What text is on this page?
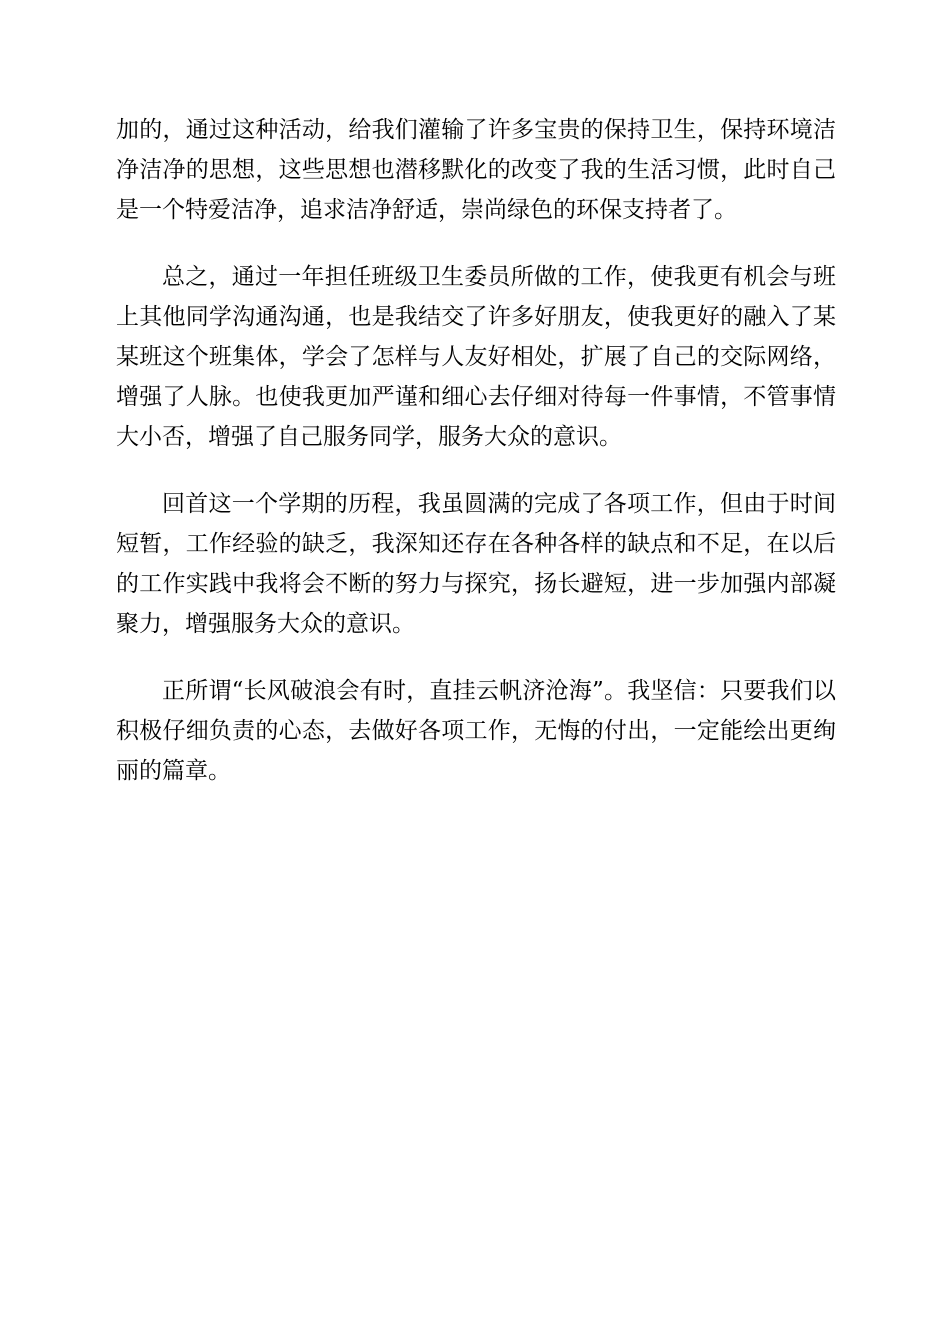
加的，通过这种活动，给我们灌输了许多宝贵的保持卫生，保持环境洁净洁净的思想，这些思想也潜移默化的改变了我的生活习惯，此时自己是一个特爱洁净，追求洁净舒适，崇尚绿色的环保支持者了。

总之，通过一年担任班级卫生委员所做的工作，使我更有机会与班上其他同学沟通沟通，也是我结交了许多好朋友，使我更好的融入了某某班这个班集体，学会了怎样与人友好相处，扩展了自己的交际网络，增强了人脉。也使我更加严谨和细心去仔细对待每一件事情，不管事情大小否，增强了自己服务同学，服务大众的意识。

回首这一个学期的历程，我虽圆满的完成了各项工作，但由于时间短暂，工作经验的缺乏，我深知还存在各种各样的缺点和不足，在以后的工作实践中我将会不断的努力与探究，扬长避短，进一步加强内部凝聚力，增强服务大众的意识。

正所谓“长风破浪会有时，直挂云帆济沧海”。我坚信：只要我们以积极仔细负责的心态，去做好各项工作，无悔的付出，一定能绘出更绚丽的篇章。
